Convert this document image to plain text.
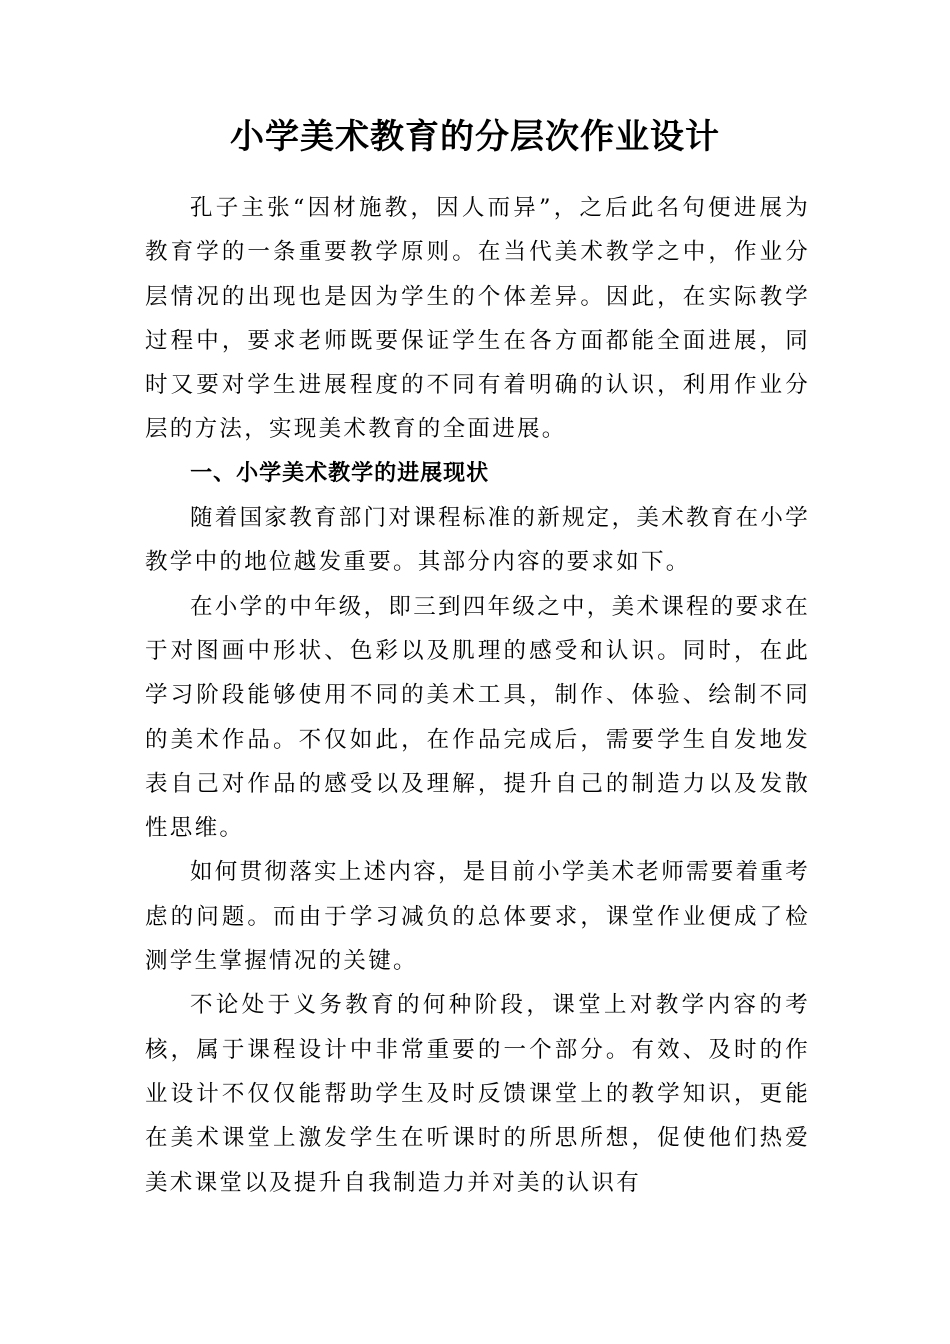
小学美术教育的分层次作业设计

孔子主张“因材施教，因人而异”，之后此名句便进展为教育学的一条重要教学原则。在当代美术教学之中，作业分层情况的出现也是因为学生的个体差异。因此，在实际教学过程中，要求老师既要保证学生在各方面都能全面进展，同时又要对学生进展程度的不同有着明确的认识，利用作业分层的方法，实现美术教育的全面进展。

一、小学美术教学的进展现状

随着国家教育部门对课程标准的新规定，美术教育在小学教学中的地位越发重要。其部分内容的要求如下。

在小学的中年级，即三到四年级之中，美术课程的要求在于对图画中形状、色彩以及肌理的感受和认识。同时，在此学习阶段能够使用不同的美术工具，制作、体验、绘制不同的美术作品。不仅如此，在作品完成后，需要学生自发地发表自己对作品的感受以及理解，提升自己的制造力以及发散性思维。

如何贯彻落实上述内容，是目前小学美术老师需要着重考虑的问题。而由于学习减负的总体要求，课堂作业便成了检测学生掌握情况的关键。

不论处于义务教育的何种阶段，课堂上对教学内容的考核，属于课程设计中非常重要的一个部分。有效、及时的作业设计不仅仅能帮助学生及时反馈课堂上的教学知识，更能在美术课堂上激发学生在听课时的所思所想，促使他们热爱美术课堂以及提升自我制造力并对美的认识有
